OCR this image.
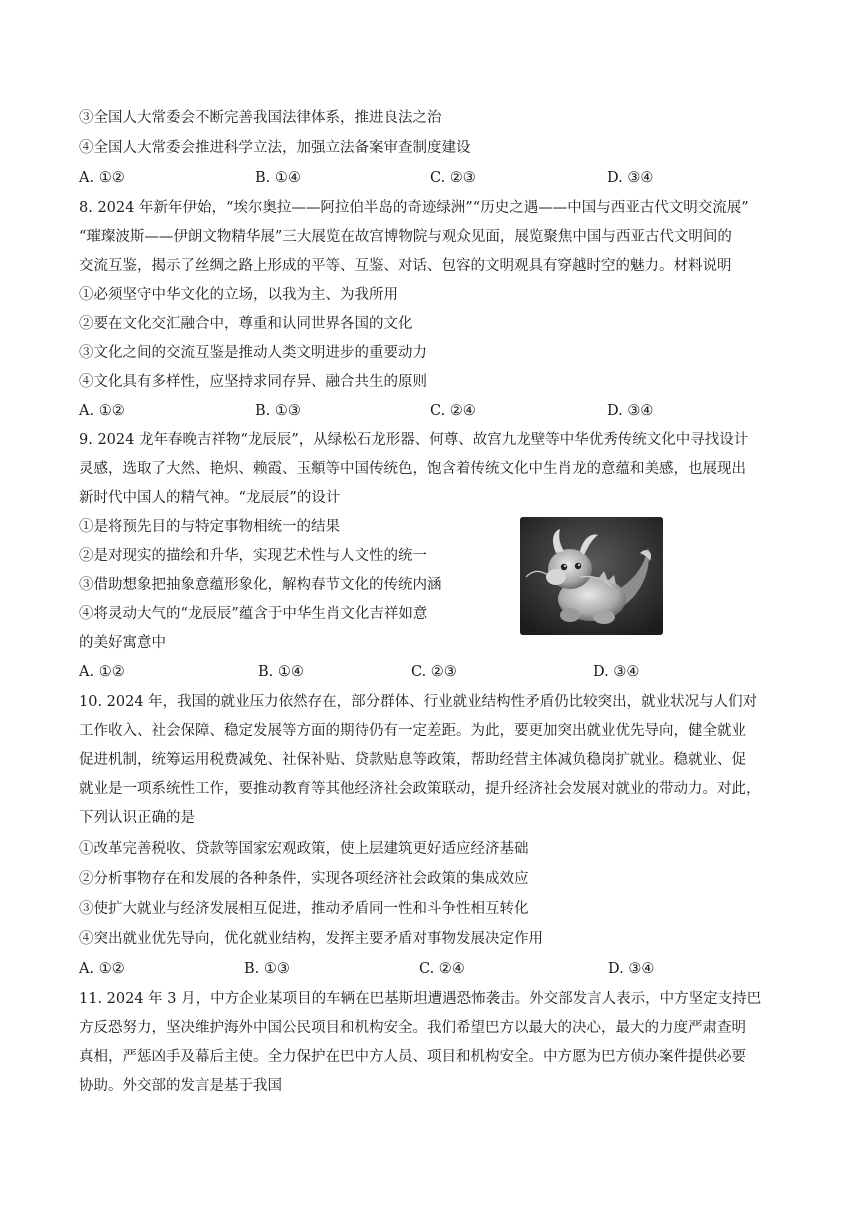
③全国人大常委会不断完善我国法律体系，推进良法之治
④全国人大常委会推进科学立法，加强立法备案审查制度建设
A. ①②	B. ①④	C. ②③	D. ③④
8. 2024 年新年伊始，“埃尔奥拉——阿拉伯半岛的奇迹绿洲”“历史之遇——中国与西亚古代文明交流展”
“璀璨波斯——伊朗文物精华展”三大展览在故宫博物院与观众见面，展览聚焦中国与西亚古代文明间的
交流互鉴，揭示了丝绸之路上形成的平等、互鉴、对话、包容的文明观具有穿越时空的魅力。材料说明
①必须坚守中华文化的立场，以我为主、为我所用
②要在文化交汇融合中，尊重和认同世界各国的文化
③文化之间的交流互鉴是推动人类文明进步的重要动力
④文化具有多样性，应坚持求同存异、融合共生的原则
A. ①②	B. ①③	C. ②④	D. ③④
9. 2024 龙年春晚吉祥物“龙辰辰”，从绿松石龙形器、何尊、故宫九龙壁等中华优秀传统文化中寻找设计
灵感，选取了大然、艳炽、赖霞、玉頫等中国传统色，饱含着传统文化中生肖龙的意蕴和美感，也展现出
新时代中国人的精气神。“龙辰辰”的设计
①是将预先目的与特定事物相统一的结果
②是对现实的描绘和升华，实现艺术性与人文性的统一
③借助想象把抽象意蕴形象化，解构春节文化的传统内涵
④将灵动大气的“龙辰辰”蕴含于中华生肖文化吉祥如意
的美好寓意中
A. ①②	B. ①④	C. ②③	D. ③④
10. 2024 年，我国的就业压力依然存在，部分群体、行业就业结构性矛盾仍比较突出，就业状况与人们对
工作收入、社会保障、稳定发展等方面的期待仍有一定差距。为此，要更加突出就业优先导向，健全就业
促进机制，统筹运用税费减免、社保补贴、贷款贴息等政策，帮助经营主体减负稳岗扩就业。稳就业、促
就业是一项系统性工作，要推动教育等其他经济社会政策联动，提升经济社会发展对就业的带动力。对此，
下列认识正确的是
①改革完善税收、贷款等国家宏观政策，使上层建筑更好适应经济基础
②分析事物存在和发展的各种条件，实现各项经济社会政策的集成效应
③使扩大就业与经济发展相互促进，推动矛盾同一性和斗争性相互转化
④突出就业优先导向，优化就业结构，发挥主要矛盾对事物发展决定作用
A. ①②	B. ①③	C. ②④	D. ③④
11. 2024 年 3 月，中方企业某项目的车辆在巴基斯坦遭遇恐怖袭击。外交部发言人表示，中方坚定支持巴
方反恐努力，坚决维护海外中国公民项目和机构安全。我们希望巴方以最大的决心，最大的力度严肃查明
真相，严惩凶手及幕后主使。全力保护在巴中方人员、项目和机构安全。中方愿为巴方侦办案件提供必要
协助。外交部的发言是基于我国
